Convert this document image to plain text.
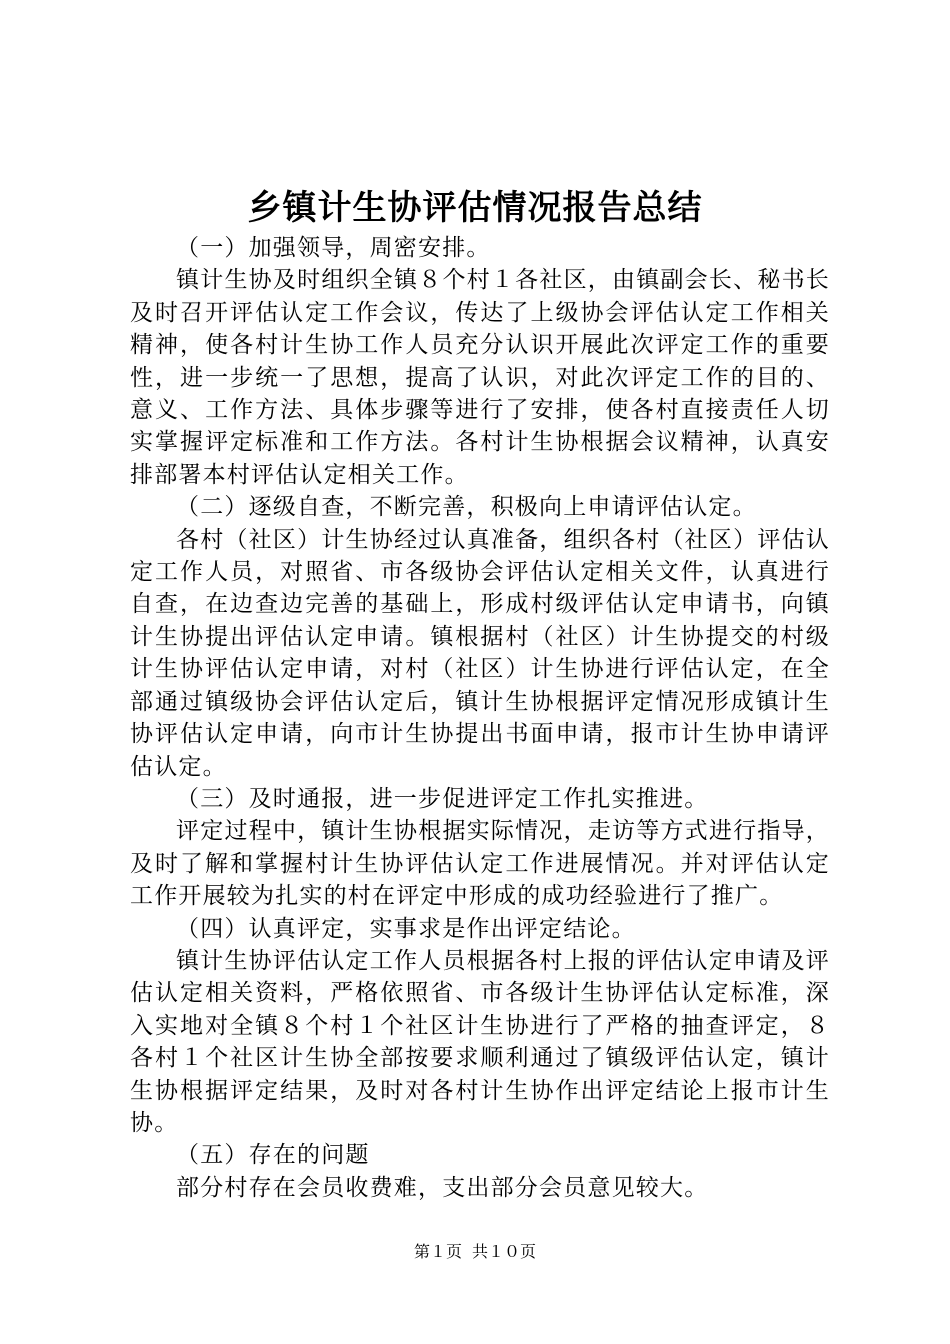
乡镇计生协评估情况报告总结

（一）加强领导，周密安排。

镇计生协及时组织全镇８个村１各社区，由镇副会长、秘书长及时召开评估认定工作会议，传达了上级协会评估认定工作相关精神，使各村计生协工作人员充分认识开展此次评定工作的重要性，进一步统一了思想，提高了认识，对此次评定工作的目的、意义、工作方法、具体步骤等进行了安排，使各村直接责任人切实掌握评定标准和工作方法。各村计生协根据会议精神，认真安排部署本村评估认定相关工作。

（二）逐级自查，不断完善，积极向上申请评估认定。

各村（社区）计生协经过认真准备，组织各村（社区）评估认定工作人员，对照省、市各级协会评估认定相关文件，认真进行自查，在边查边完善的基础上，形成村级评估认定申请书，向镇计生协提出评估认定申请。镇根据村（社区）计生协提交的村级计生协评估认定申请，对村（社区）计生协进行评估认定，在全部通过镇级协会评估认定后，镇计生协根据评定情况形成镇计生协评估认定申请，向市计生协提出书面申请，报市计生协申请评估认定。

（三）及时通报，进一步促进评定工作扎实推进。

评定过程中，镇计生协根据实际情况，走访等方式进行指导，及时了解和掌握村计生协评估认定工作进展情况。并对评估认定工作开展较为扎实的村在评定中形成的成功经验进行了推广。

（四）认真评定，实事求是作出评定结论。

镇计生协评估认定工作人员根据各村上报的评估认定申请及评估认定相关资料，严格依照省、市各级计生协评估认定标准，深入实地对全镇８个村１个社区计生协进行了严格的抽查评定，８各村１个社区计生协全部按要求顺利通过了镇级评估认定，镇计生协根据评定结果，及时对各村计生协作出评定结论上报市计生协。

（五）存在的问题

部分村存在会员收费难，支出部分会员意见较大。

第１页 共１０页
